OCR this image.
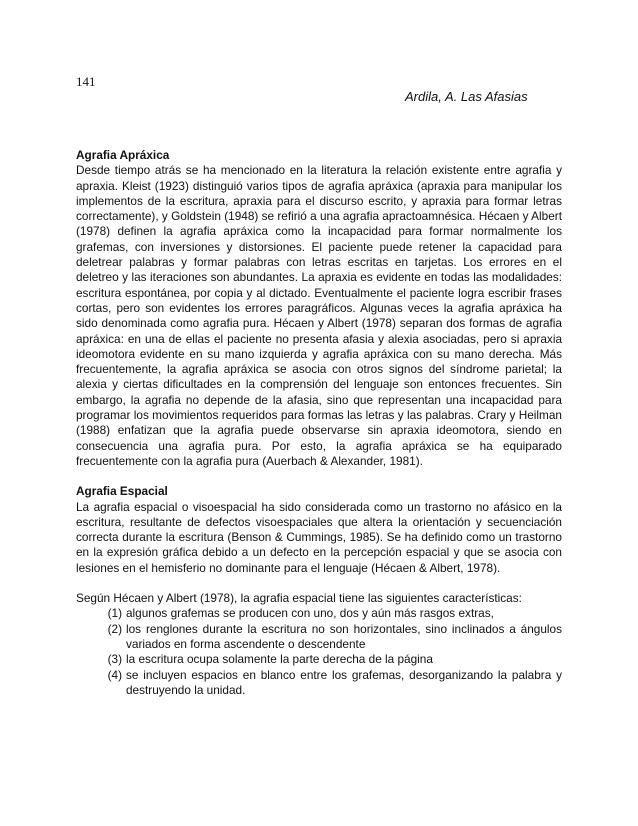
141
Ardila, A. Las Afasias

Agrafia Apráxica

Desde tiempo atrás se ha mencionado en la literatura la relación existente entre agrafia y apraxia. Kleist (1923) distinguió varios tipos de agrafia apráxica (apraxia para manipular los implementos de la escritura, apraxia para el discurso escrito, y apraxia para formar letras correctamente), y Goldstein (1948) se refirió a una agrafia apractoamnésica. Hécaen y Albert (1978) definen la agrafia apráxica como la incapacidad para formar normalmente los grafemas, con inversiones y distorsiones. El paciente puede retener la capacidad para deletrear palabras y formar palabras con letras escritas en tarjetas. Los errores en el deletreo y las iteraciones son abundantes. La apraxia es evidente en todas las modalidades: escritura espontánea, por copia y al dictado. Eventualmente el paciente logra escribir frases cortas, pero son evidentes los errores paragráficos. Algunas veces la agrafia apráxica ha sido denominada como agrafia pura. Hécaen y Albert (1978) separan dos formas de agrafia apráxica: en una de ellas el paciente no presenta afasia y alexia asociadas, pero si apraxia ideomotora evidente en su mano izquierda y agrafia apráxica con su mano derecha. Más frecuentemente, la agrafia apráxica se asocia con otros signos del síndrome parietal; la alexia y ciertas dificultades en la comprensión del lenguaje son entonces frecuentes. Sin embargo, la agrafia no depende de la afasia, sino que representan una incapacidad para programar los movimientos requeridos para formas las letras y las palabras. Crary y Heilman (1988) enfatizan que la agrafia puede observarse sin apraxia ideomotora, siendo en consecuencia una agrafia pura. Por esto, la agrafia apráxica se ha equiparado frecuentemente con la agrafia pura (Auerbach & Alexander, 1981).

Agrafia Espacial

La agrafia espacial o visoespacial ha sido considerada como un trastorno no afásico en la escritura, resultante de defectos visoespaciales que altera la orientación y secuenciación correcta durante la escritura (Benson & Cummings, 1985). Se ha definido como un trastorno en la expresión gráfica debido a un defecto en la percepción espacial y que se asocia con lesiones en el hemisferio no dominante para el lenguaje (Hécaen & Albert, 1978).

Según Hécaen y Albert (1978), la agrafia espacial tiene las siguientes características:

(1) algunos grafemas se producen con uno, dos y aún más rasgos extras,
(2) los renglones durante la escritura no son horizontales, sino inclinados a ángulos variados en forma ascendente o descendente
(3) la escritura ocupa solamente la parte derecha de la página
(4) se incluyen espacios en blanco entre los grafemas, desorganizando la palabra y destruyendo la unidad.
